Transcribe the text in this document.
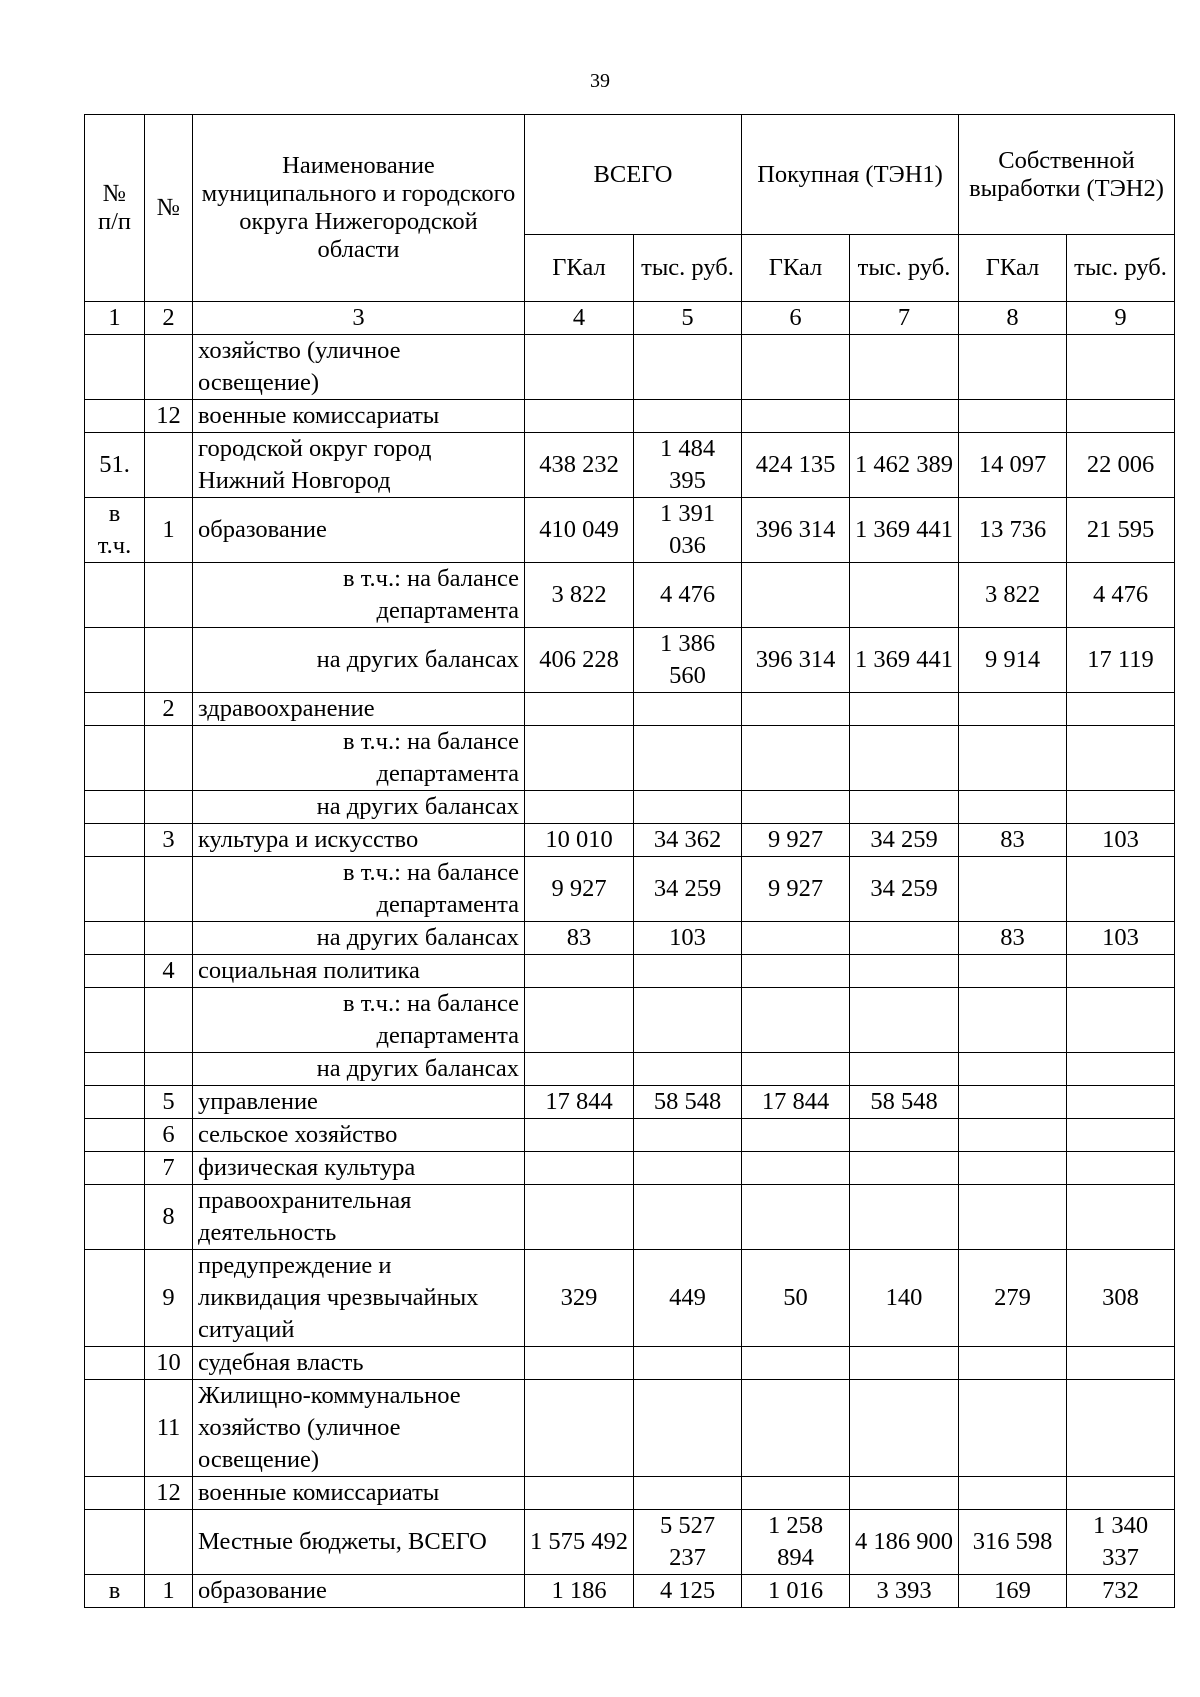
39
№ п/п	№	Наименование муниципального и городского округа Нижегородской области	ВСЕГО		Покупная (ТЭН1)		Собственной выработки (ТЭН2)	
			ГКал	тыс. руб.	ГКал	тыс. руб.	ГКал	тыс. руб.
1	2	3	4	5	6	7	8	9
		хозяйство (уличное освещение)						
	12	военные комиссариаты						
51.		городской округ город Нижний Новгород	438 232	1 484 395	424 135	1 462 389	14 097	22 006
в т.ч.	1	образование	410 049	1 391 036	396 314	1 369 441	13 736	21 595
		в т.ч.: на балансе департамента	3 822	4 476			3 822	4 476
		на других балансах	406 228	1 386 560	396 314	1 369 441	9 914	17 119
	2	здравоохранение						
		в т.ч.: на балансе департамента						
		на других балансах						
	3	культура и искусство	10 010	34 362	9 927	34 259	83	103
		в т.ч.: на балансе департамента	9 927	34 259	9 927	34 259		
		на других балансах	83	103			83	103
	4	социальная политика						
		в т.ч.: на балансе департамента						
		на других балансах						
	5	управление	17 844	58 548	17 844	58 548		
	6	сельское хозяйство						
	7	физическая культура						
	8	правоохранительная деятельность						
	9	предупреждение и ликвидация чрезвычайных ситуаций	329	449	50	140	279	308
	10	судебная власть						
	11	Жилищно-коммунальное хозяйство (уличное освещение)						
	12	военные комиссариаты						
		Местные бюджеты, ВСЕГО	1 575 492	5 527 237	1 258 894	4 186 900	316 598	1 340 337
в	1	образование	1 186	4 125	1 016	3 393	169	732
